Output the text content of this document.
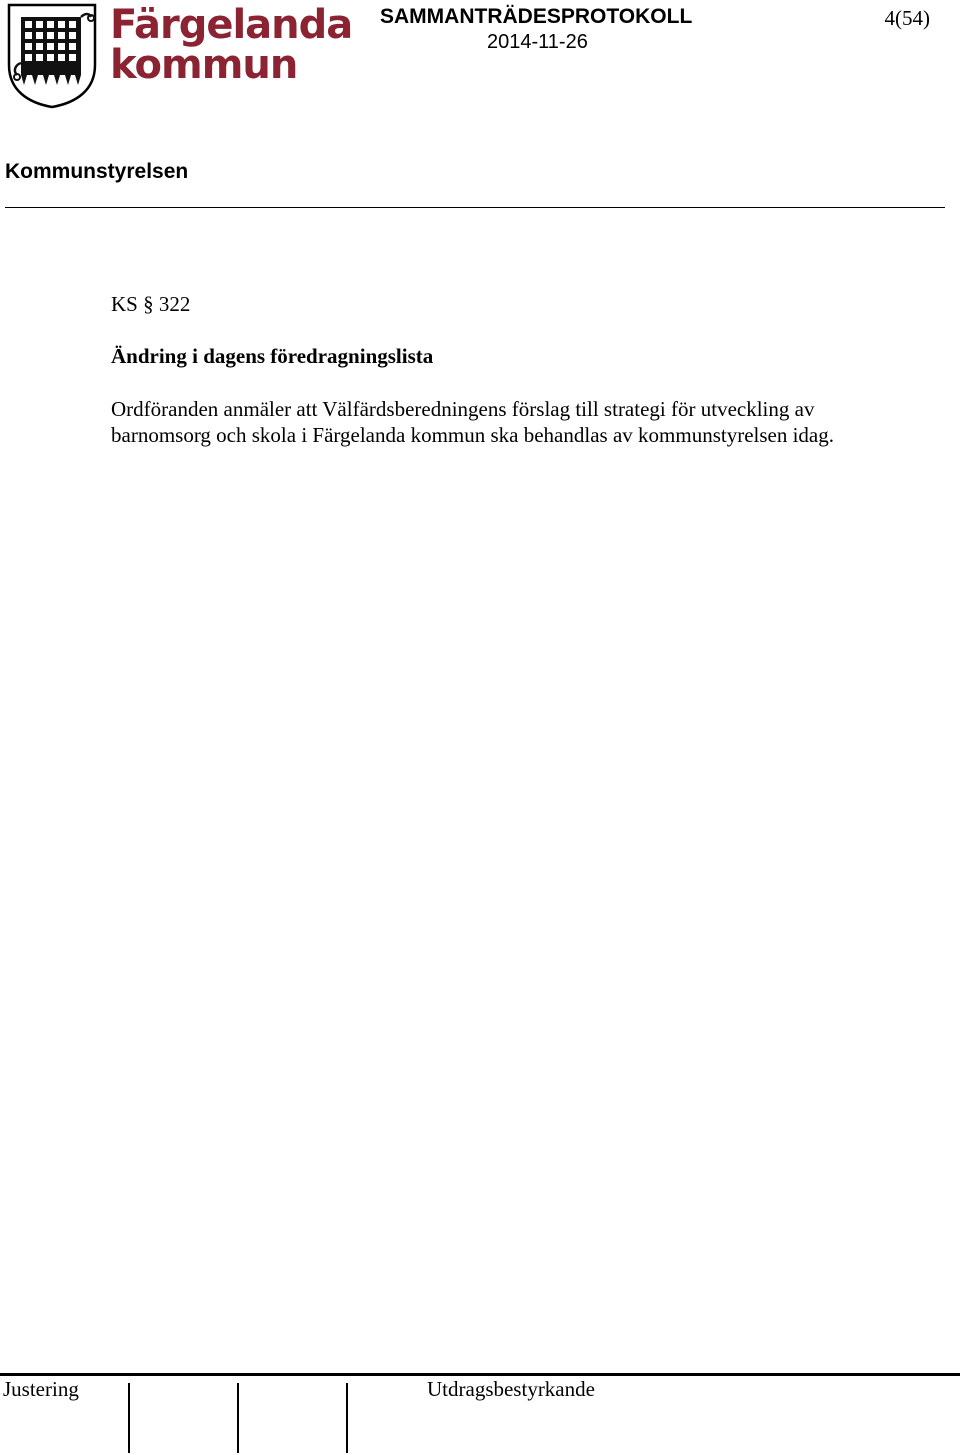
Färgelanda
kommun
SAMMANTRÄDESPROTOKOLL
2014-11-26
4(54)
Kommunstyrelsen
KS § 322
Ändring i dagens föredragningslista
Ordföranden anmäler att Välfärdsberedningens förslag till strategi för utveckling av
barnomsorg och skola i Färgelanda kommun ska behandlas av kommunstyrelsen idag.
Justering	Utdragsbestyrkande
